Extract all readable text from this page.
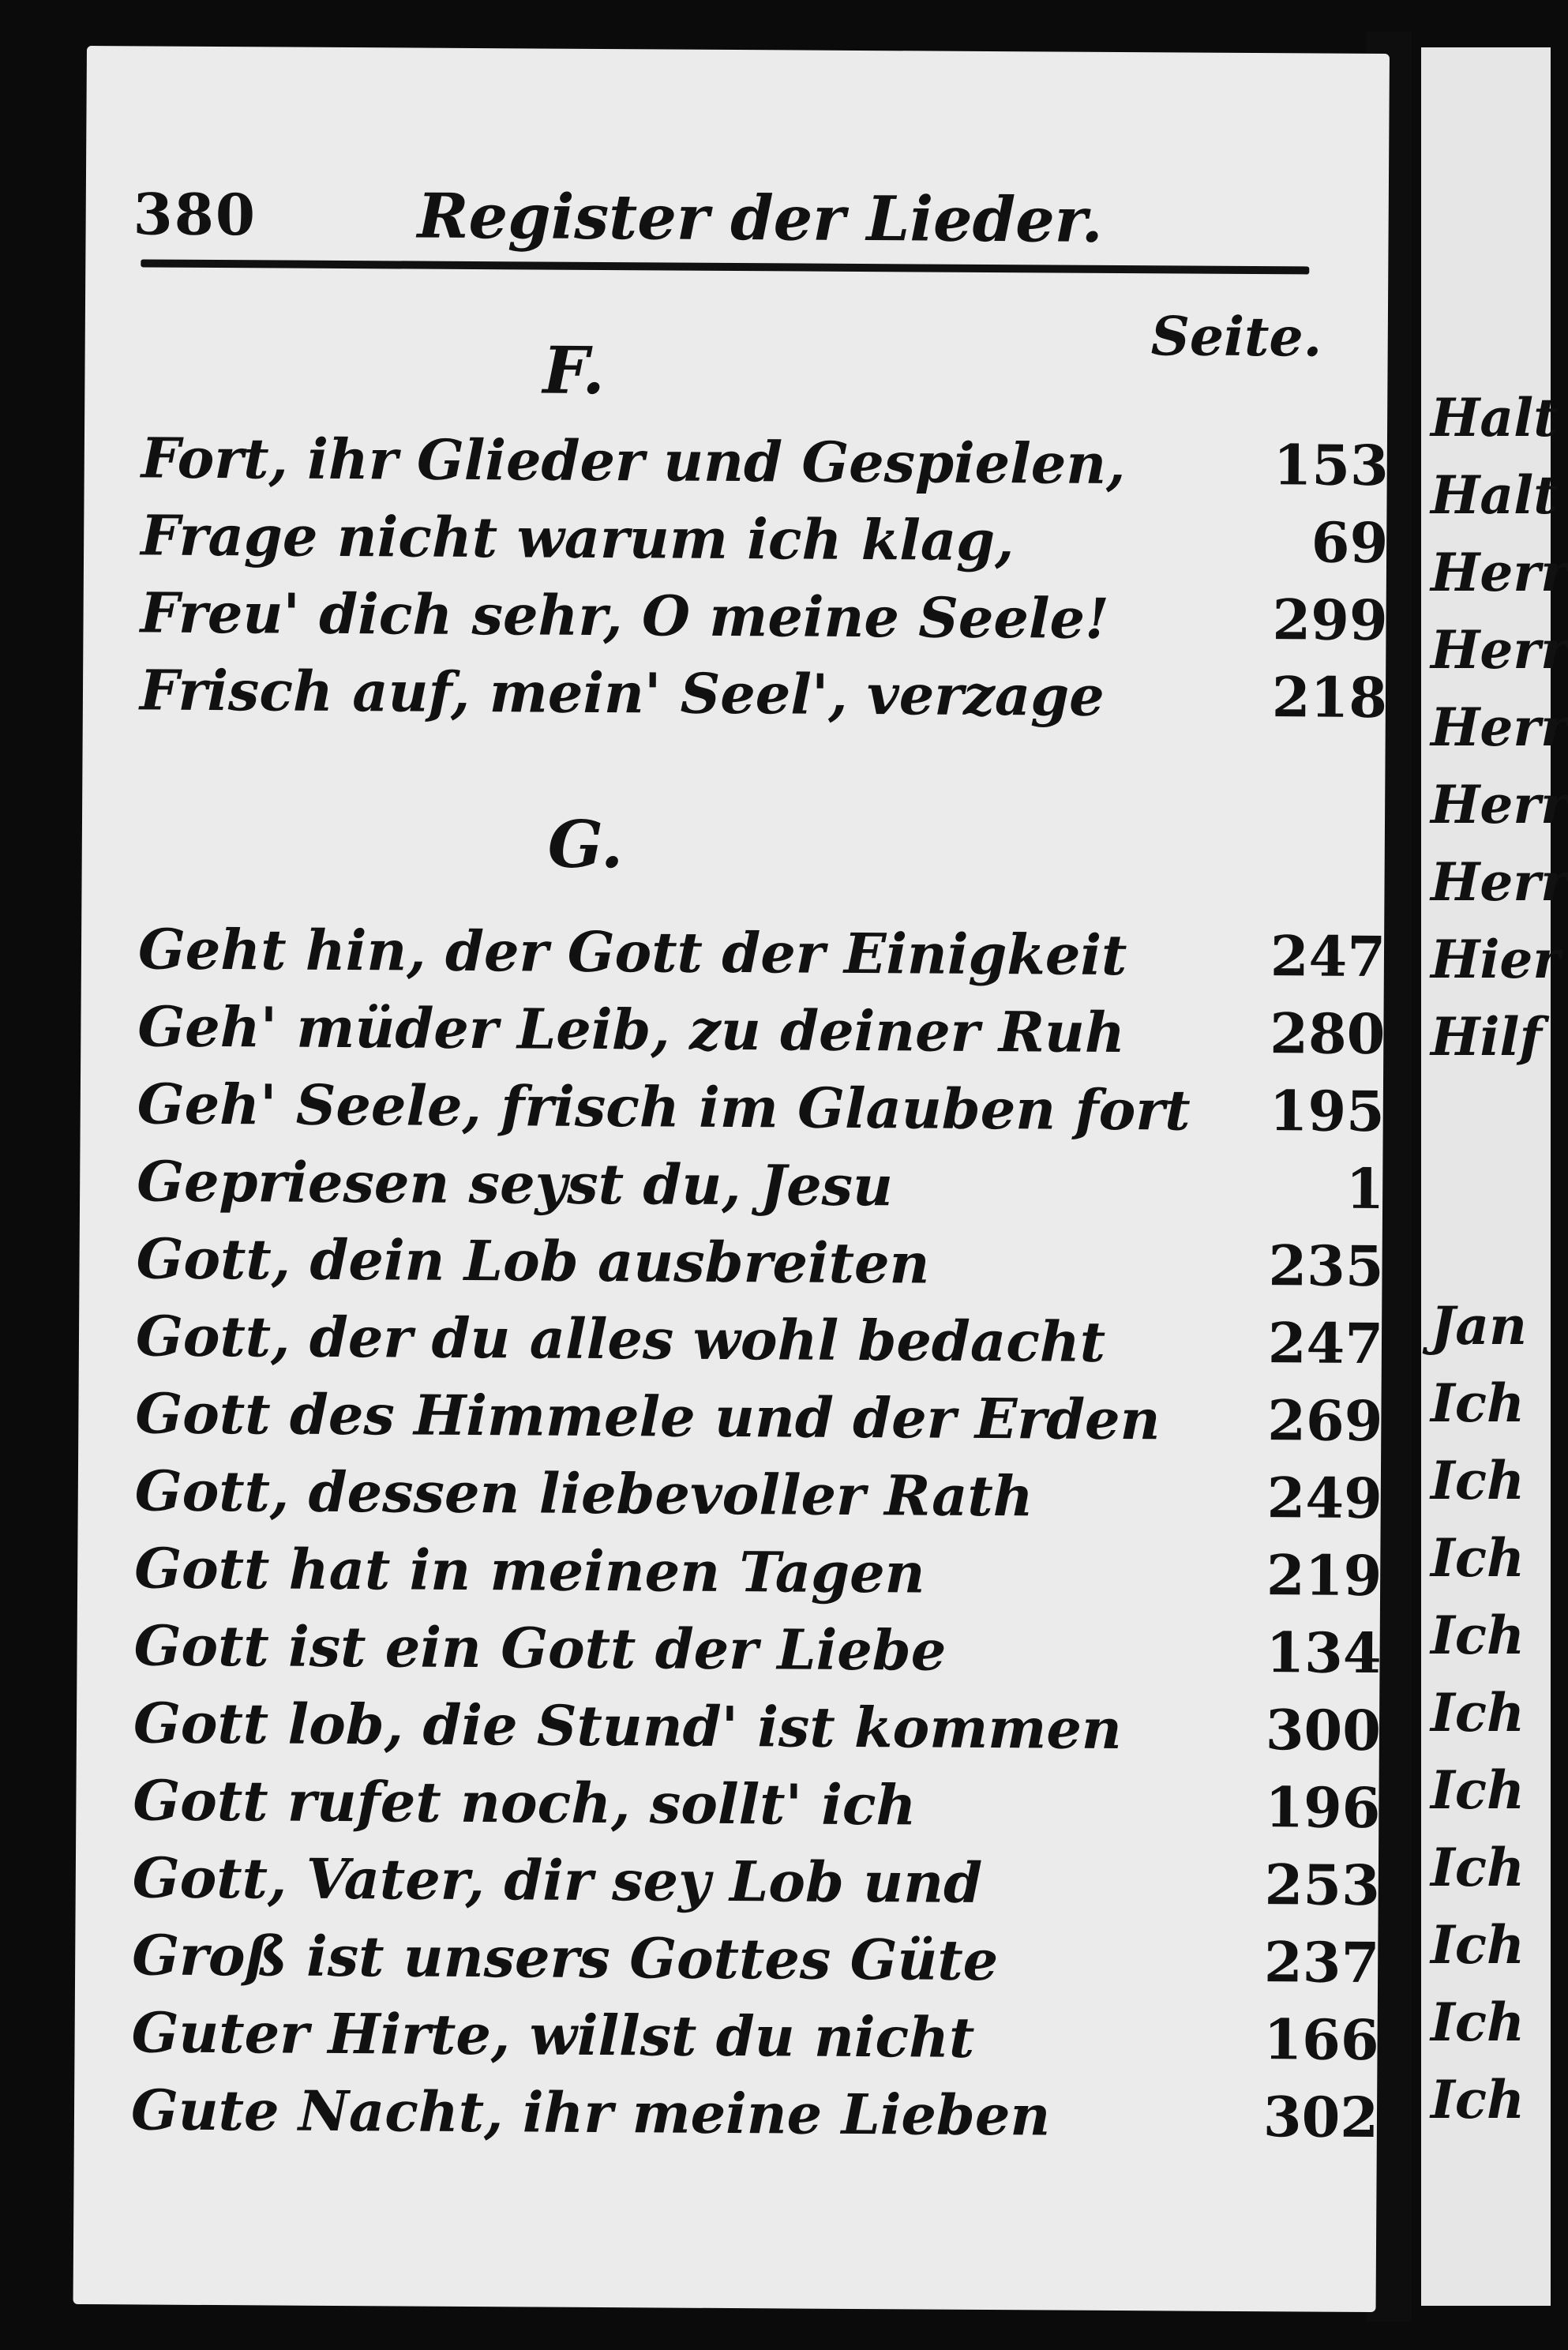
380	Register der Lieder.
Seite.
F.
Fort, ihr Glieder und Gespielen,	153
Frage nicht warum ich klag,	69
Freu' dich sehr, O meine Seele!	299
Frisch auf, mein' Seel', verzage	218
G.
Geht hin, der Gott der Einigkeit	247
Geh' müder Leib, zu deiner Ruh	280
Geh' Seele, frisch im Glauben fort	195
Gepriesen seyst du, Jesu	1
Gott, dein Lob ausbreiten	235
Gott, der du alles wohl bedacht	247
Gott des Himmele und der Erden	269
Gott, dessen liebevoller Rath	249
Gott hat in meinen Tagen	219
Gott ist ein Gott der Liebe	134
Gott lob, die Stund' ist kommen	300
Gott rufet noch, sollt' ich	196
Gott, Vater, dir sey Lob und	253
Groß ist unsers Gottes Güte	237
Guter Hirte, willst du nicht	166
Gute Nacht, ihr meine Lieben	302
Halt
Halt
Herr
Herr
Herr
Herr
Herr
Hier
Hilf
Jan
Ich
Ich
Ich
Ich
Ich
Ich
Ich
Ich
Ich
Ich
